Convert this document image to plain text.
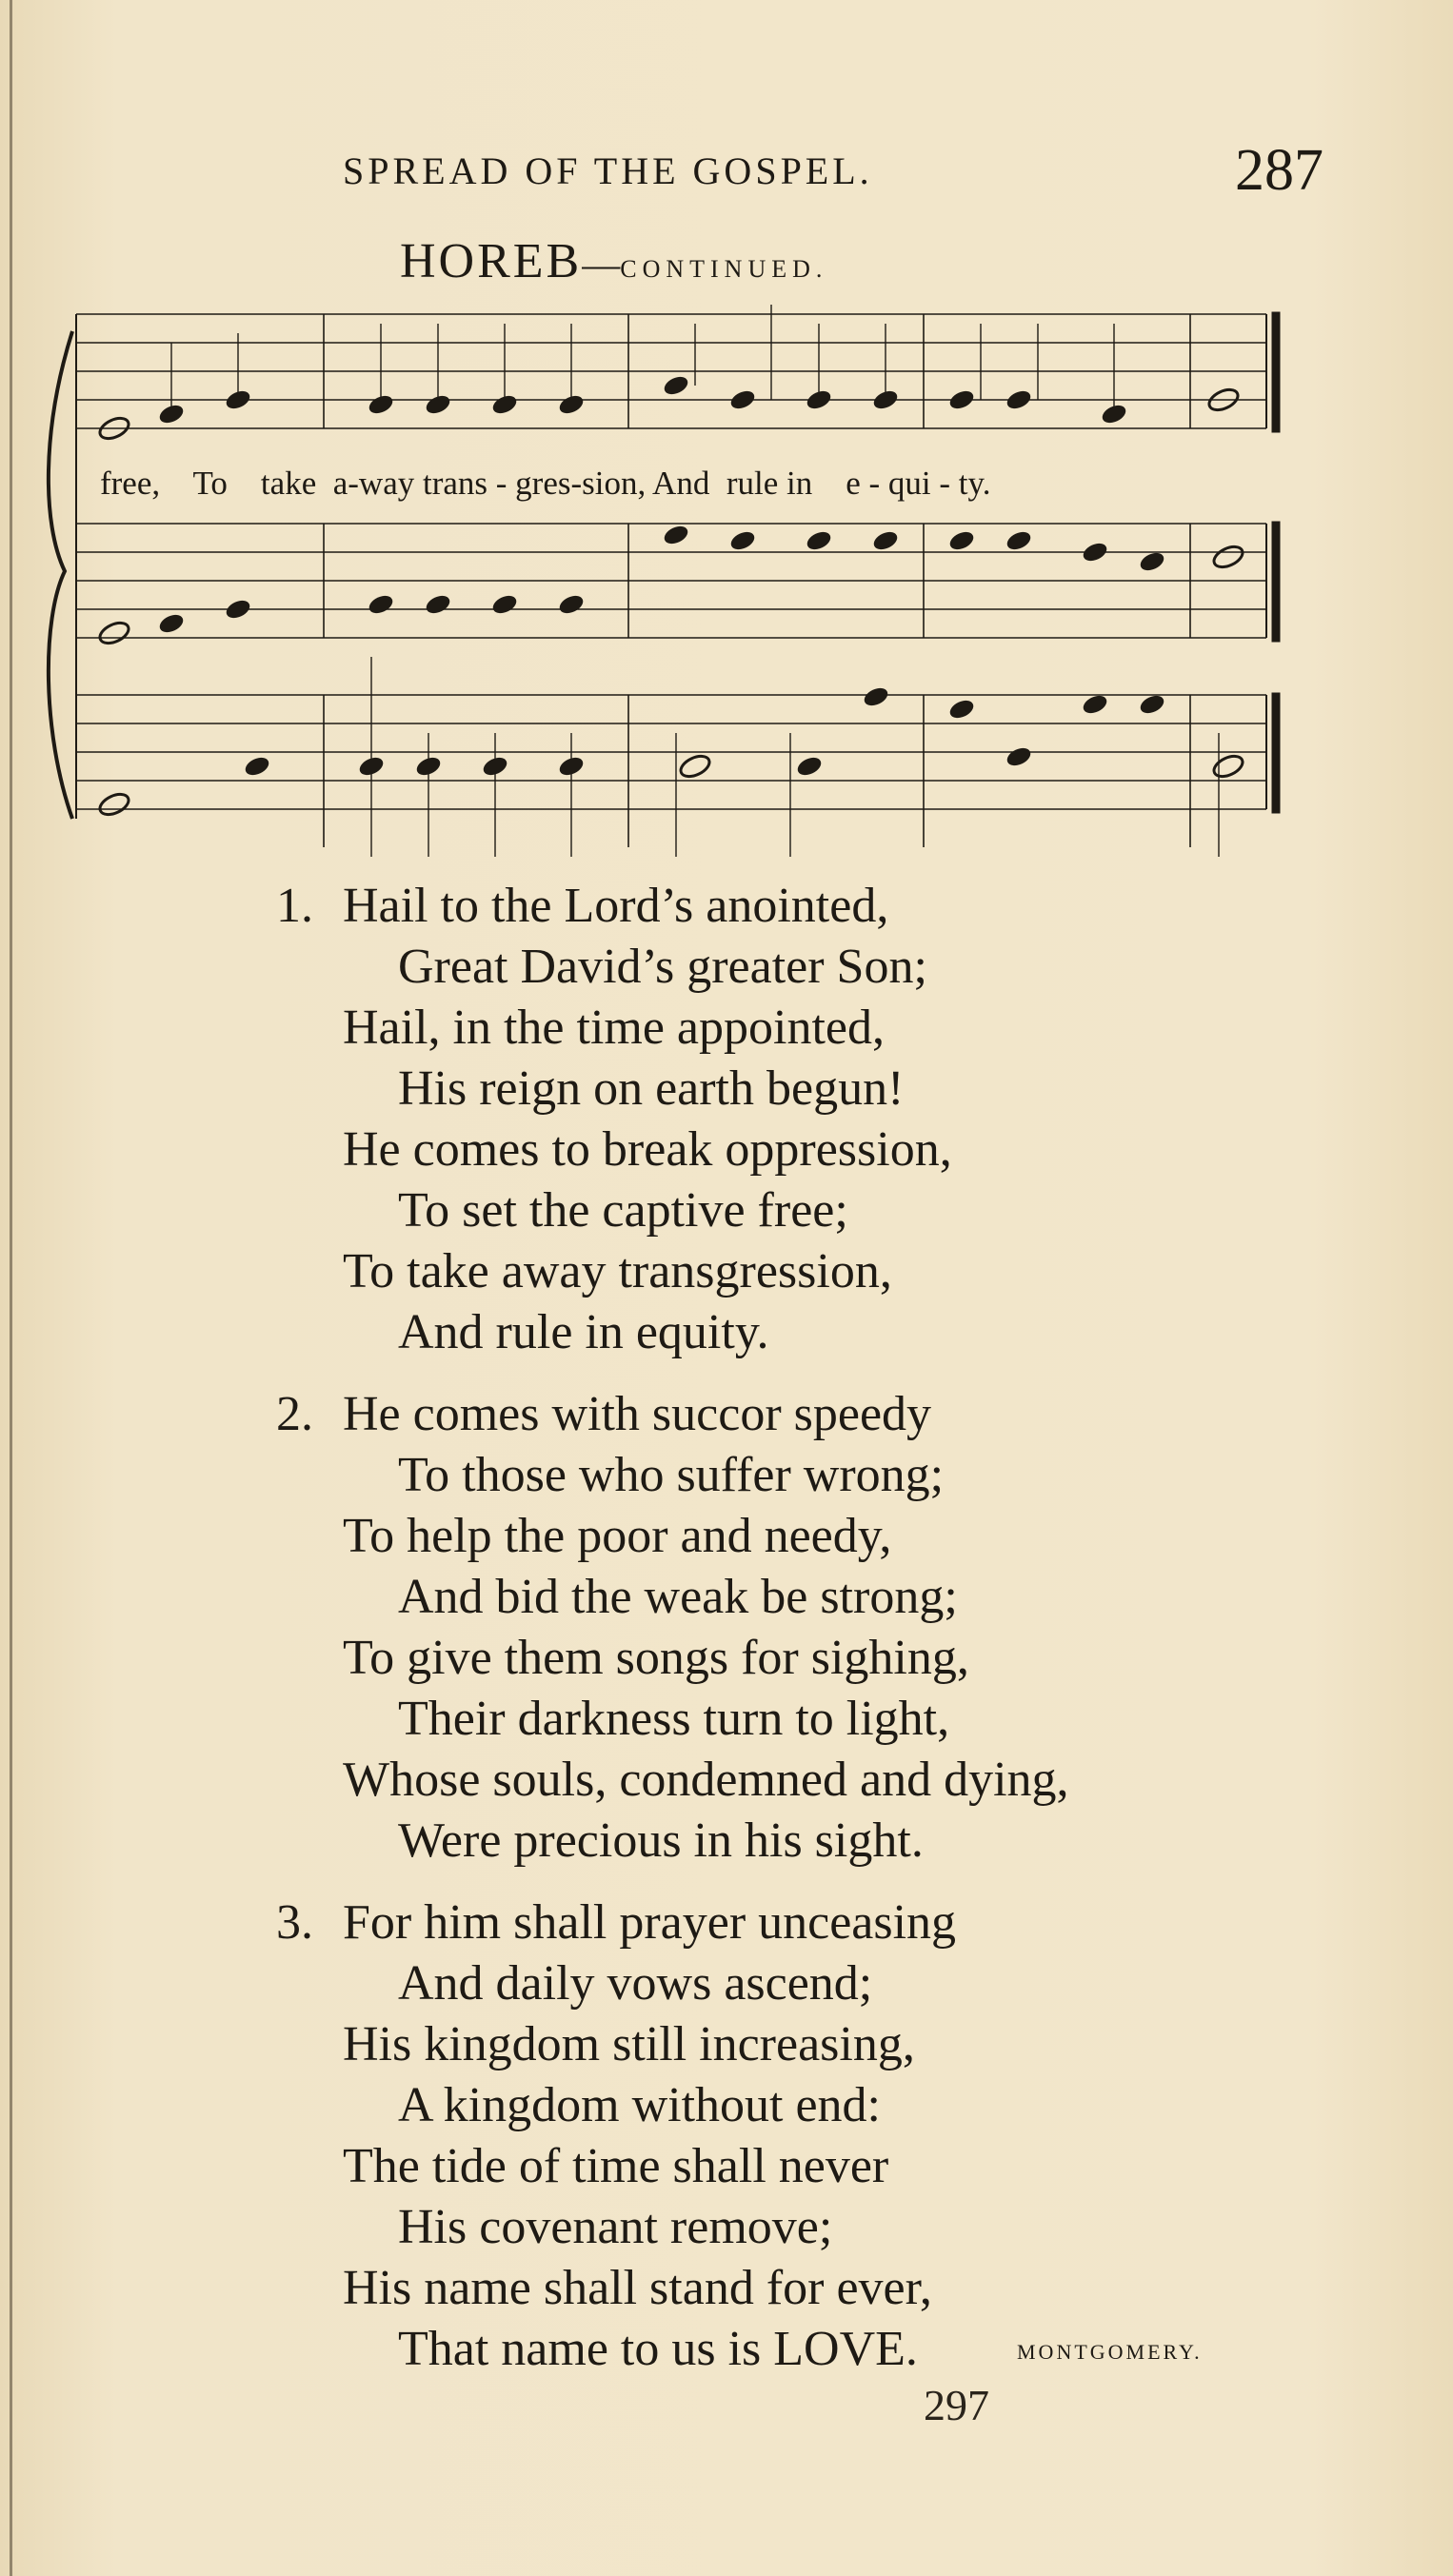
SPREAD OF THE GOSPEL.	287
HOREB—CONTINUED.
free,    To    take  a-way trans - gres-sion, And  rule in    e - qui - ty.
1. Hail to the Lord’s anointed,
Great David’s greater Son;
Hail, in the time appointed,
His reign on earth begun!
He comes to break oppression,
To set the captive free;
To take away transgression,
And rule in equity.
2. He comes with succor speedy
To those who suffer wrong;
To help the poor and needy,
And bid the weak be strong;
To give them songs for sighing,
Their darkness turn to light,
Whose souls, condemned and dying,
Were precious in his sight.
3. For him shall prayer unceasing
And daily vows ascend;
His kingdom still increasing,
A kingdom without end:
The tide of time shall never
His covenant remove;
His name shall stand for ever,
That name to us is LOVE.	MONTGOMERY.
297
